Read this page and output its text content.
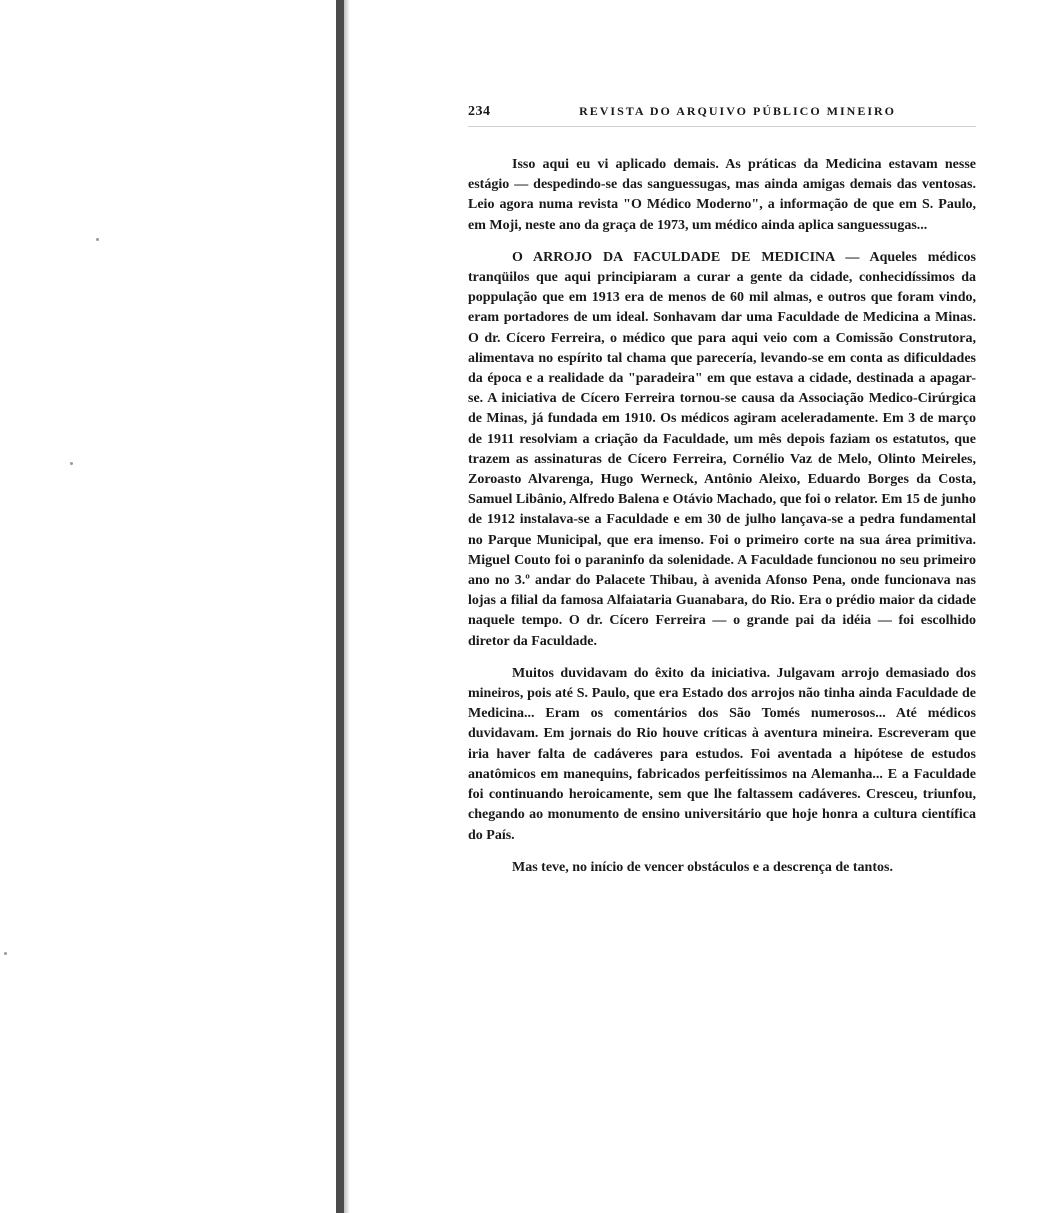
234	REVISTA DO ARQUIVO PÚBLICO MINEIRO

Isso aqui eu vi aplicado demais. As práticas da Medicina estavam nesse estágio — despedindo-se das sanguessugas, mas ainda amigas demais das ventosas. Leio agora numa revista "O Médico Moderno", a informação de que em S. Paulo, em Moji, neste ano da graça de 1973, um médico ainda aplica sanguessugas...

O ARROJO DA FACULDADE DE MEDICINA — Aqueles médicos tranqüilos que aqui principiaram a curar a gente da cidade, conhecidíssimos da poppulação que em 1913 era de menos de 60 mil almas, e outros que foram vindo, eram portadores de um ideal. Sonhavam dar uma Faculdade de Medicina a Minas. O dr. Cícero Ferreira, o médico que para aqui veio com a Comissão Construtora, alimentava no espírito tal chama que parecería, levando-se em conta as dificuldades da época e a realidade da "paradeira" em que estava a cidade, destinada a apagar-se. A iniciativa de Cícero Ferreira tornou-se causa da Associação Medico-Cirúrgica de Minas, já fundada em 1910. Os médicos agiram aceleradamente. Em 3 de março de 1911 resolviam a criação da Faculdade, um mês depois faziam os estatutos, que trazem as assinaturas de Cícero Ferreira, Cornélio Vaz de Melo, Olinto Meireles, Zoroasto Alvarenga, Hugo Werneck, Antônio Aleixo, Eduardo Borges da Costa, Samuel Libânio, Alfredo Balena e Otávio Machado, que foi o relator. Em 15 de junho de 1912 instalava-se a Faculdade e em 30 de julho lançava-se a pedra fundamental no Parque Municipal, que era imenso. Foi o primeiro corte na sua área primitiva. Miguel Couto foi o paraninfo da solenidade. A Faculdade funcionou no seu primeiro ano no 3.º andar do Palacete Thibau, à avenida Afonso Pena, onde funcionava nas lojas a filial da famosa Alfaiataria Guanabara, do Rio. Era o prédio maior da cidade naquele tempo. O dr. Cícero Ferreira — o grande pai da idéia — foi escolhido diretor da Faculdade.

Muitos duvidavam do êxito da iniciativa. Julgavam arrojo demasiado dos mineiros, pois até S. Paulo, que era Estado dos arrojos não tinha ainda Faculdade de Medicina... Eram os comentários dos São Tomés numerosos... Até médicos duvidavam. Em jornais do Rio houve críticas à aventura mineira. Escreveram que iria haver falta de cadáveres para estudos. Foi aventada a hipótese de estudos anatômicos em manequins, fabricados perfeitíssimos na Alemanha... E a Faculdade foi continuando heroicamente, sem que lhe faltassem cadáveres. Cresceu, triunfou, chegando ao monumento de ensino universitário que hoje honra a cultura científica do País.

Mas teve, no início de vencer obstáculos e a descrença de tantos.
